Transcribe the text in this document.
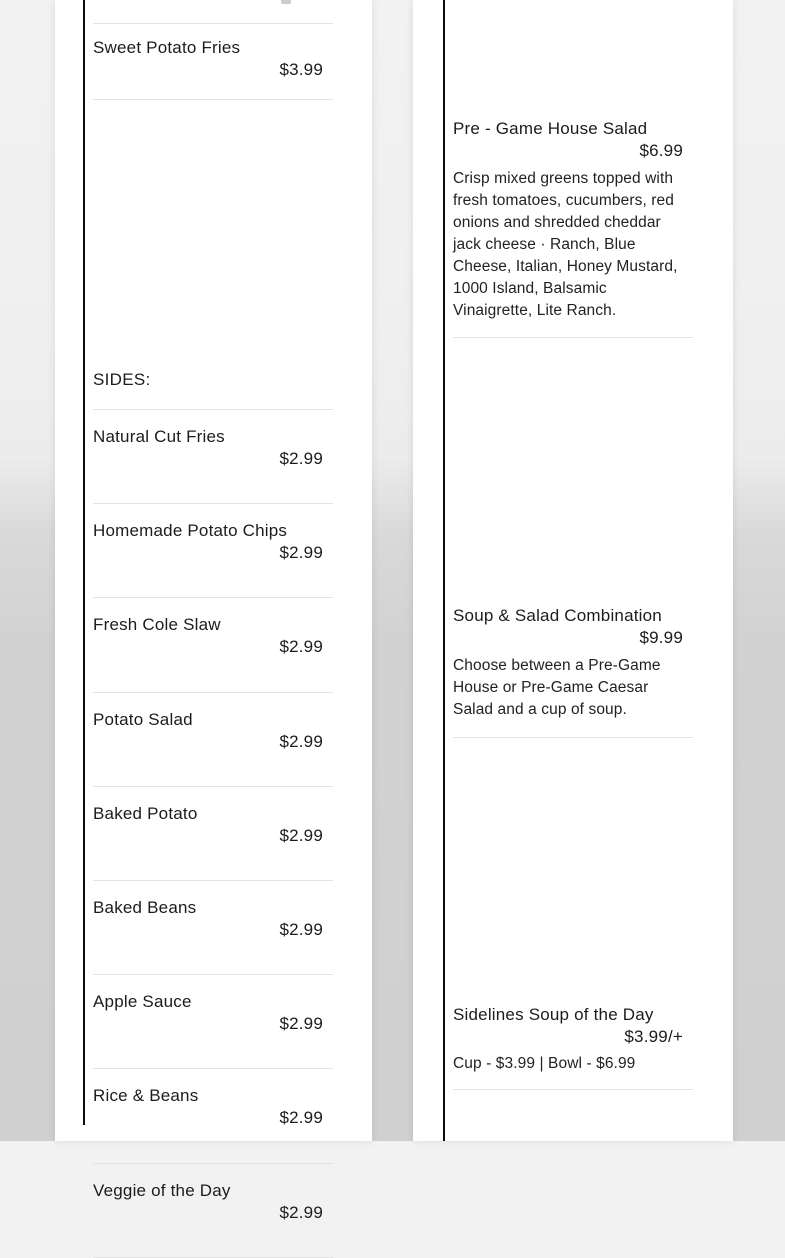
Sweet Potato Fries
$3.99
SIDES:
Natural Cut Fries
$2.99
Homemade Potato Chips
$2.99
Fresh Cole Slaw
$2.99
Potato Salad
$2.99
Baked Potato
$2.99
Baked Beans
$2.99
Apple Sauce
$2.99
Rice & Beans
$2.99
Veggie of the Day
$2.99
Pre - Game House Salad
$6.99
Crisp mixed greens topped with fresh tomatoes, cucumbers, red onions and shredded cheddar jack cheese · Ranch, Blue Cheese, Italian, Honey Mustard, 1000 Island, Balsamic Vinaigrette, Lite Ranch.
Soup & Salad Combination
$9.99
Choose between a Pre-Game House or Pre-Game Caesar Salad and a cup of soup.
Sidelines Soup of the Day
$3.99/+
Cup - $3.99 | Bowl - $6.99
